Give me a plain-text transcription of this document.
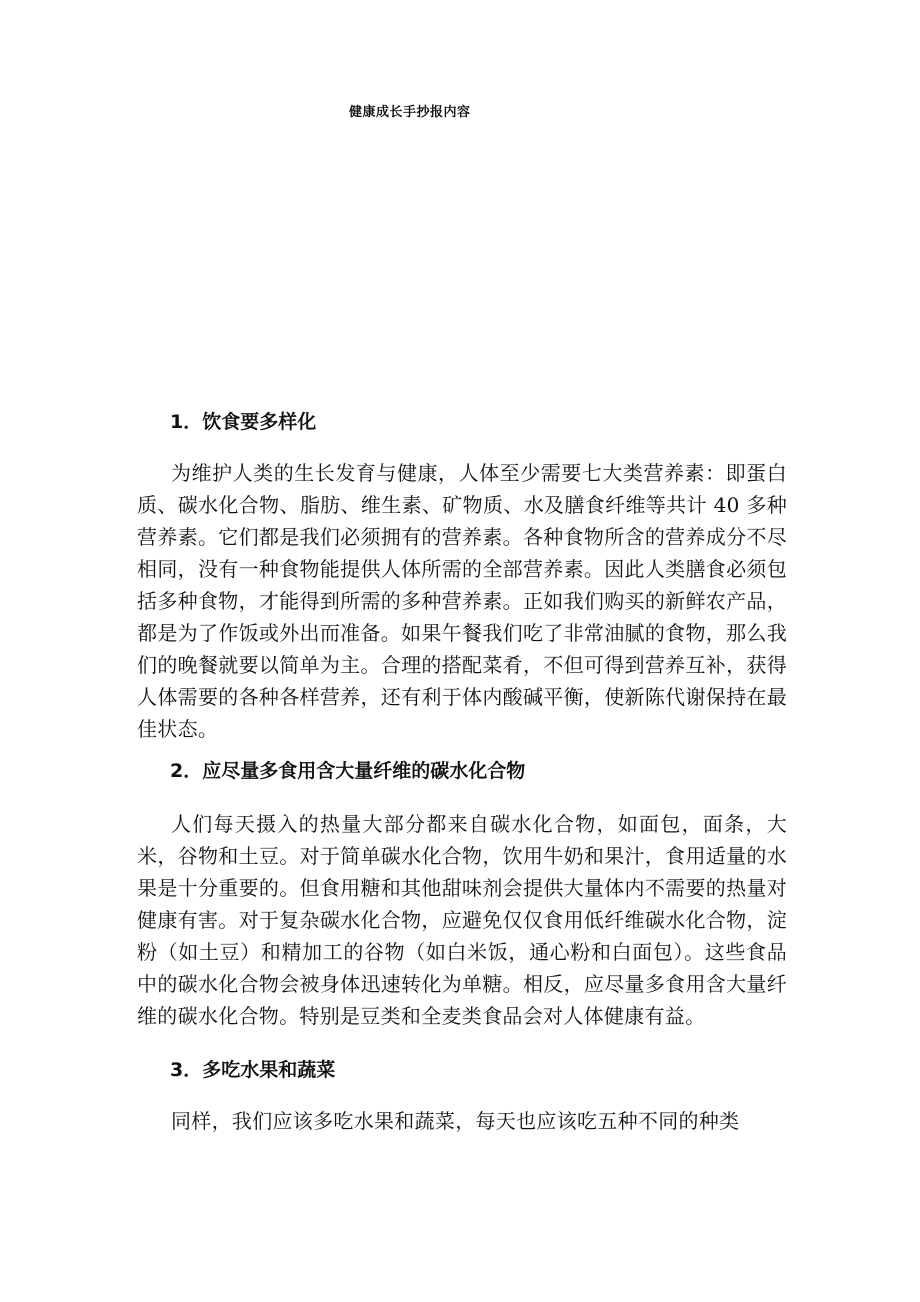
健康成长手抄报内容
1．饮食要多样化

为维护人类的生长发育与健康，人体至少需要七大类营养素：即蛋白质、碳水化合物、脂肪、维生素、矿物质、水及膳食纤维等共计 40 多种营养素。它们都是我们必须拥有的营养素。各种食物所含的营养成分不尽相同，没有一种食物能提供人体所需的全部营养素。因此人类膳食必须包括多种食物，才能得到所需的多种营养素。正如我们购买的新鲜农产品，都是为了作饭或外出而准备。如果午餐我们吃了非常油腻的食物，那么我们的晚餐就要以简单为主。合理的搭配菜肴，不但可得到营养互补，获得人体需要的各种各样营养，还有利于体内酸碱平衡，使新陈代谢保持在最佳状态。

2．应尽量多食用含大量纤维的碳水化合物

人们每天摄入的热量大部分都来自碳水化合物，如面包，面条，大米，谷物和土豆。对于简单碳水化合物，饮用牛奶和果汁，食用适量的水果是十分重要的。但食用糖和其他甜味剂会提供大量体内不需要的热量对健康有害。对于复杂碳水化合物，应避免仅仅食用低纤维碳水化合物，淀粉（如土豆）和精加工的谷物（如白米饭，通心粉和白面包）。这些食品中的碳水化合物会被身体迅速转化为单糖。相反，应尽量多食用含大量纤维的碳水化合物。特别是豆类和全麦类食品会对人体健康有益。

3．多吃水果和蔬菜

同样，我们应该多吃水果和蔬菜，每天也应该吃五种不同的种类
